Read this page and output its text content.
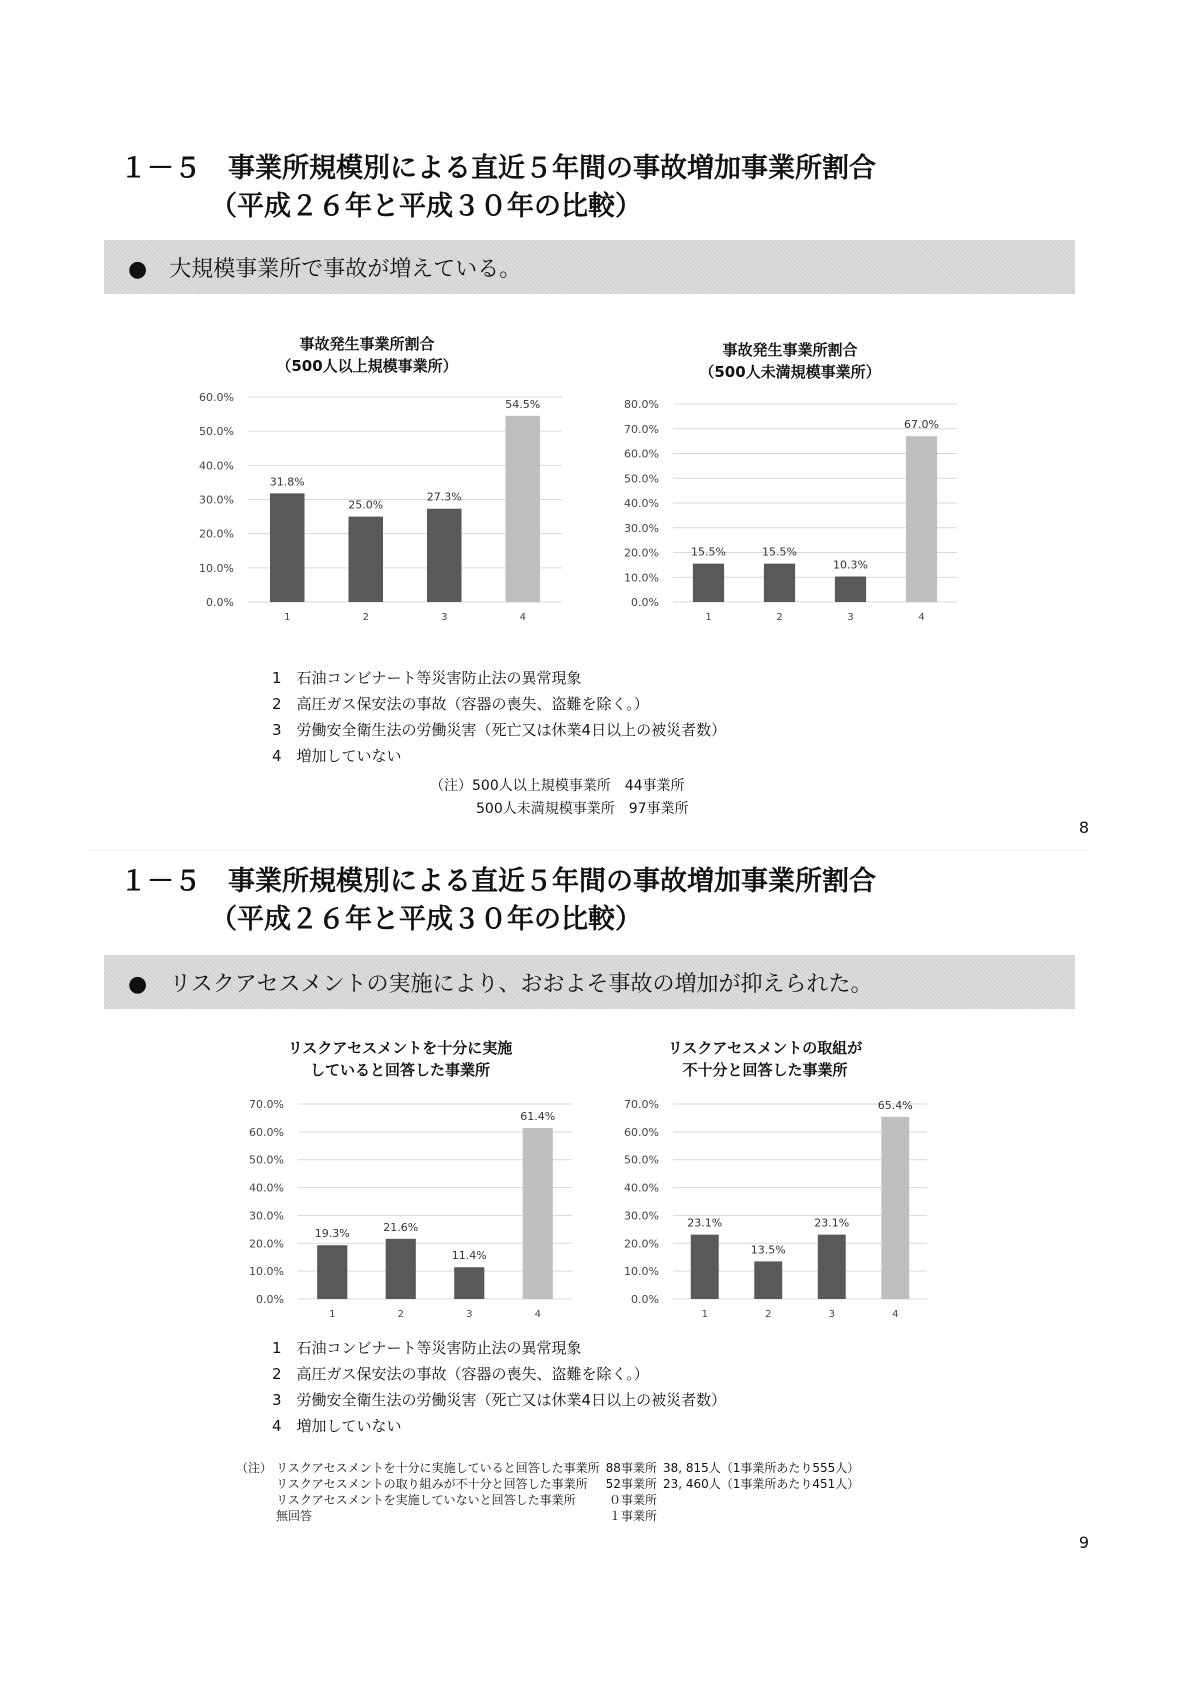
１－５　事業所規模別による直近５年間の事故増加事業所割合
（平成２６年と平成３０年の比較）
●　大規模事業所で事故が増えている。
事故発生事業所割合
（500人以上規模事業所）
事故発生事業所割合
（500人未満規模事業所）
0.0%
10.0%
20.0%
30.0%
40.0%
50.0%
60.0%
31.8%
1
25.0%
2
27.3%
3
54.5%
4
0.0%
10.0%
20.0%
30.0%
40.0%
50.0%
60.0%
70.0%
80.0%
15.5%
1
15.5%
2
10.3%
3
67.0%
4
1　石油コンビナート等災害防止法の異常現象
2　高圧ガス保安法の事故（容器の喪失、盗難を除く。）
3　労働安全衛生法の労働災害（死亡又は休業4日以上の被災者数）
4　増加していない
（注）500人以上規模事業所　44事業所
500人未満規模事業所　97事業所
8
１－５　事業所規模別による直近５年間の事故増加事業所割合
（平成２６年と平成３０年の比較）
●　リスクアセスメントの実施により、おおよそ事故の増加が抑えられた。
リスクアセスメントを十分に実施
していると回答した事業所
リスクアセスメントの取組が
不十分と回答した事業所
0.0%
10.0%
20.0%
30.0%
40.0%
50.0%
60.0%
70.0%
19.3%
1
21.6%
2
11.4%
3
61.4%
4
0.0%
10.0%
20.0%
30.0%
40.0%
50.0%
60.0%
70.0%
23.1%
1
13.5%
2
23.1%
3
65.4%
4
1　石油コンビナート等災害防止法の異常現象
2　高圧ガス保安法の事故（容器の喪失、盗難を除く。）
3　労働安全衛生法の労働災害（死亡又は休業4日以上の被災者数）
4　増加していない
（注） リスクアセスメントを十分に実施していると回答した事業所	88事業所	38, 815人（1事業所あたり555人）
リスクアセスメントの取り組みが不十分と回答した事業所	52事業所	23, 460人（1事業所あたり451人）
リスクアセスメントを実施していないと回答した事業所	０事業所	
無回答	１事業所	
9
